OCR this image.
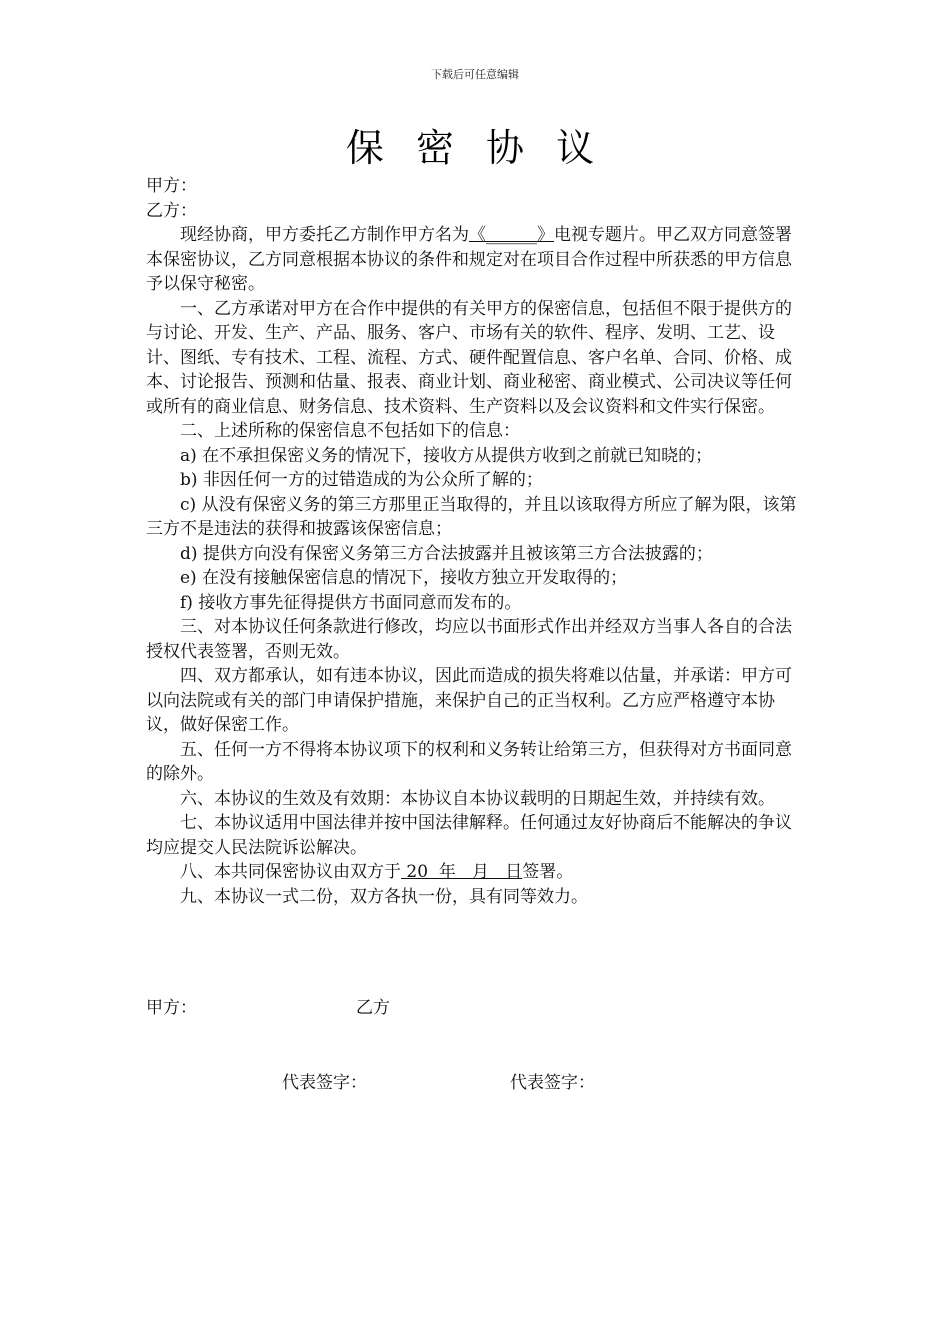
下载后可任意编辑
保 密 协 议

甲方：

乙方：

现经协商，甲方委托乙方制作甲方名为《______》电视专题片。甲乙双方同意签署本保密协议，乙方同意根据本协议的条件和规定对在项目合作过程中所获悉的甲方信息予以保守秘密。

一、乙方承诺对甲方在合作中提供的有关甲方的保密信息，包括但不限于提供方的与讨论、开发、生产、产品、服务、客户、市场有关的软件、程序、发明、工艺、设计、图纸、专有技术、工程、流程、方式、硬件配置信息、客户名单、合同、价格、成本、讨论报告、预测和估量、报表、商业计划、商业秘密、商业模式、公司决议等任何或所有的商业信息、财务信息、技术资料、生产资料以及会议资料和文件实行保密。

二、上述所称的保密信息不包括如下的信息：

a) 在不承担保密义务的情况下，接收方从提供方收到之前就已知晓的；

b) 非因任何一方的过错造成的为公众所了解的；

c) 从没有保密义务的第三方那里正当取得的，并且以该取得方所应了解为限，该第三方不是违法的获得和披露该保密信息；

d) 提供方向没有保密义务第三方合法披露并且被该第三方合法披露的；

e) 在没有接触保密信息的情况下，接收方独立开发取得的；

f) 接收方事先征得提供方书面同意而发布的。

三、对本协议任何条款进行修改，均应以书面形式作出并经双方当事人各自的合法授权代表签署，否则无效。

四、双方都承认，如有违本协议，因此而造成的损失将难以估量，并承诺：甲方可以向法院或有关的部门申请保护措施，来保护自己的正当权利。乙方应严格遵守本协议，做好保密工作。

五、任何一方不得将本协议项下的权利和义务转让给第三方，但获得对方书面同意的除外。

六、本协议的生效及有效期：本协议自本协议载明的日期起生效，并持续有效。

七、本协议适用中国法律并按中国法律解释。任何通过友好协商后不能解决的争议均应提交人民法院诉讼解决。

八、本共同保密协议由双方于 20  年   月   日签署。

九、本协议一式二份，双方各执一份，具有同等效力。

甲方：	乙方
代表签字：	代表签字：
